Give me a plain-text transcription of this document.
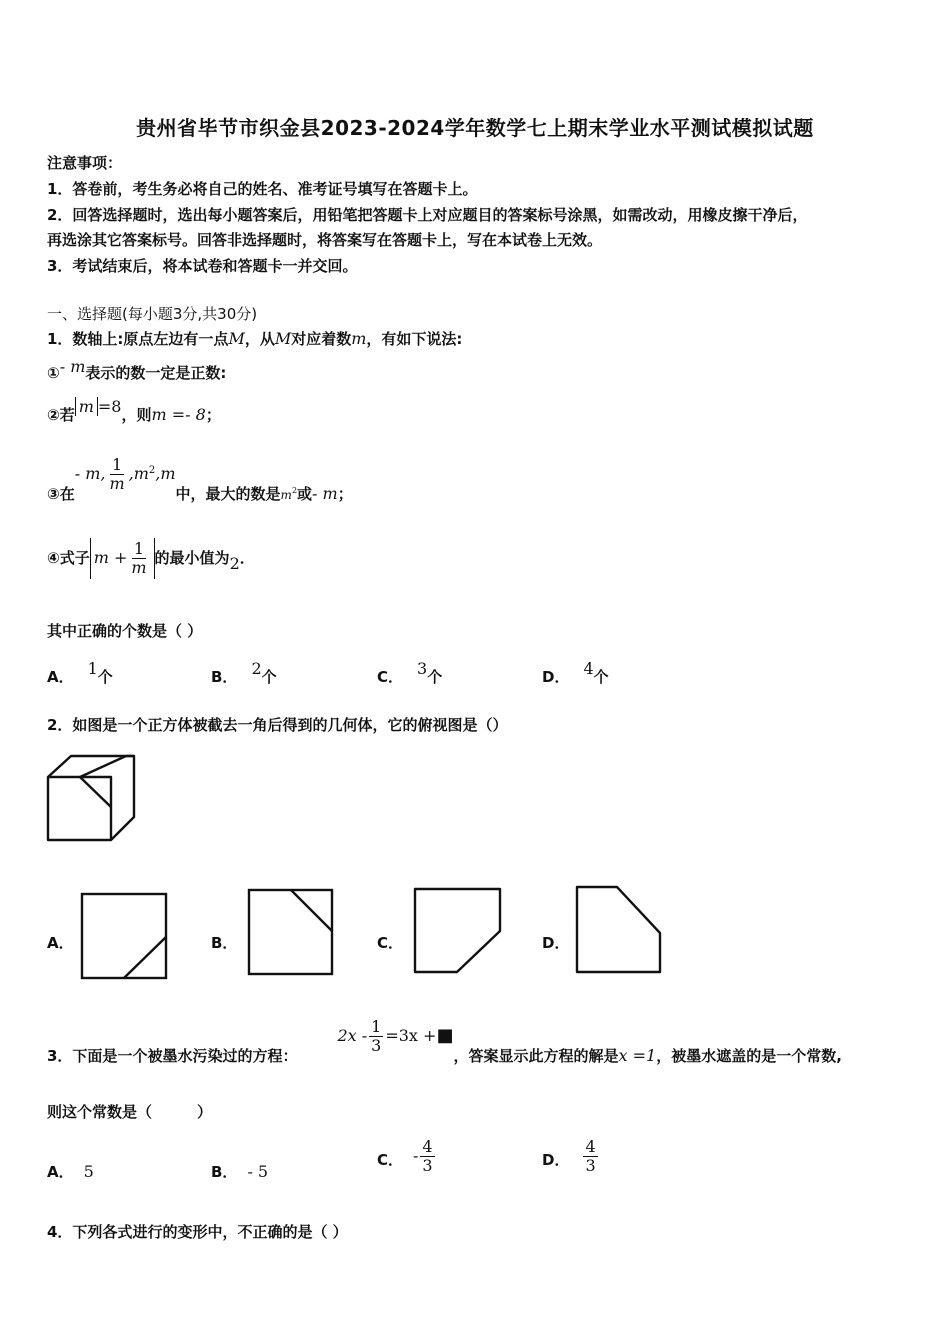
贵州省毕节市织金县2023-2024学年数学七上期末学业水平测试模拟试题
注意事项：
1．答卷前，考生务必将自己的姓名、准考证号填写在答题卡上。
2．回答选择题时，选出每小题答案后，用铅笔把答题卡上对应题目的答案标号涂黑，如需改动，用橡皮擦干净后，
再选涂其它答案标号。回答非选择题时，将答案写在答题卡上，写在本试卷上无效。
3．考试结束后，将本试卷和答题卡一并交回。
一、选择题(每小题3分,共30分)
1．数轴上:原点左边有一点M，从M对应着数m，有如下说法:
①- m表示的数一定是正数:
②若 m =8，则m =- 8；
③在- m, $\frac{1}{m} ,m^2,m$中，最大的数是$m^2$或- m；
④式子 $m + \frac{1}{m}$ 的最小值为2．
其中正确的个数是（ ）
A． 1个	B． 2个	C． 3个	D． 4个
2．如图是一个正方体被截去一角后得到的几何体，它的俯视图是（）
A．	B．	C．	D．
3．下面是一个被墨水污染过的方程：$2x - \frac{1}{3} =3x$ +■，答案显示此方程的解是x =1，被墨水遮盖的是一个常数,
则这个常数是（　　　）
A． 5	B． - 5
C． - $\frac{4}{3}$	D． $\frac{4}{3}$
4．下列各式进行的变形中，不正确的是（ ）
